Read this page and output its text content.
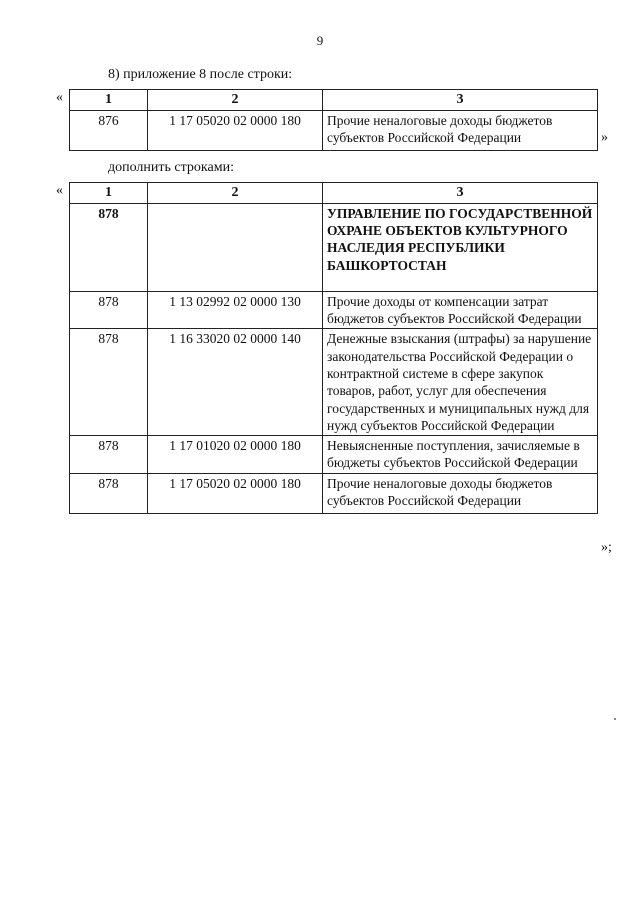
9
8) приложение 8 после строки:
«	1	2	3
876	1 17 05020 02 0000 180	Прочие неналоговые доходы бюджетов субъектов Российской Федерации	»
дополнить строками:
«	1	2	3
878		УПРАВЛЕНИЕ ПО ГОСУДАРСТВЕННОЙ ОХРАНЕ ОБЪЕКТОВ КУЛЬТУРНОГО НАСЛЕДИЯ РЕСПУБЛИКИ БАШКОРТОСТАН
878	1 13 02992 02 0000 130	Прочие доходы от компенсации затрат бюджетов субъектов Российской Федерации
878	1 16 33020 02 0000 140	Денежные взыскания (штрафы) за нарушение законодательства Российской Федерации о контрактной системе в сфере закупок товаров, работ, услуг для обеспечения государственных и муниципальных нужд для нужд субъектов Российской Федерации
878	1 17 01020 02 0000 180	Невыясненные поступления, зачисляемые в бюджеты субъектов Российской Федерации
878	1 17 05020 02 0000 180	Прочие неналоговые доходы бюджетов субъектов Российской Федерации
»;
